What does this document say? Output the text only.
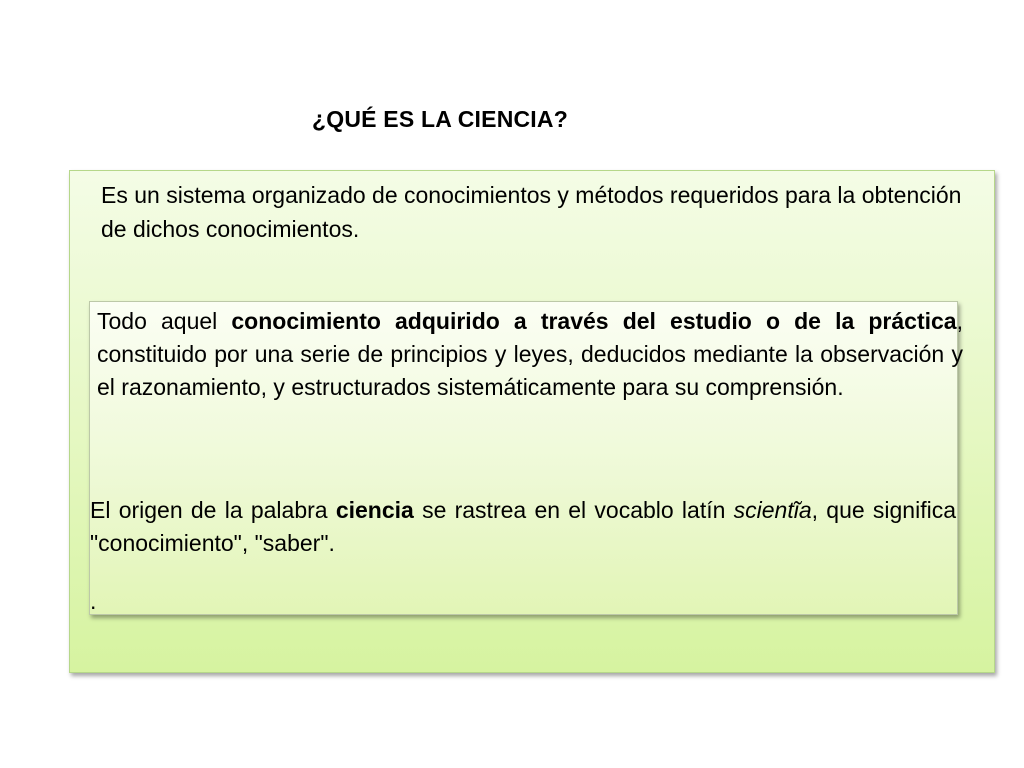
¿QUÉ ES LA CIENCIA?

Es un sistema organizado de conocimientos y métodos requeridos para la obtención de dichos conocimientos.

Todo aquel conocimiento adquirido a través del estudio o de la práctica, constituido por una serie de principios y leyes, deducidos mediante la observación y el razonamiento, y estructurados sistemáticamente para su comprensión.

El origen de la palabra ciencia se rastrea en el vocablo latín scientĩa, que significa "conocimiento", "saber".

.
